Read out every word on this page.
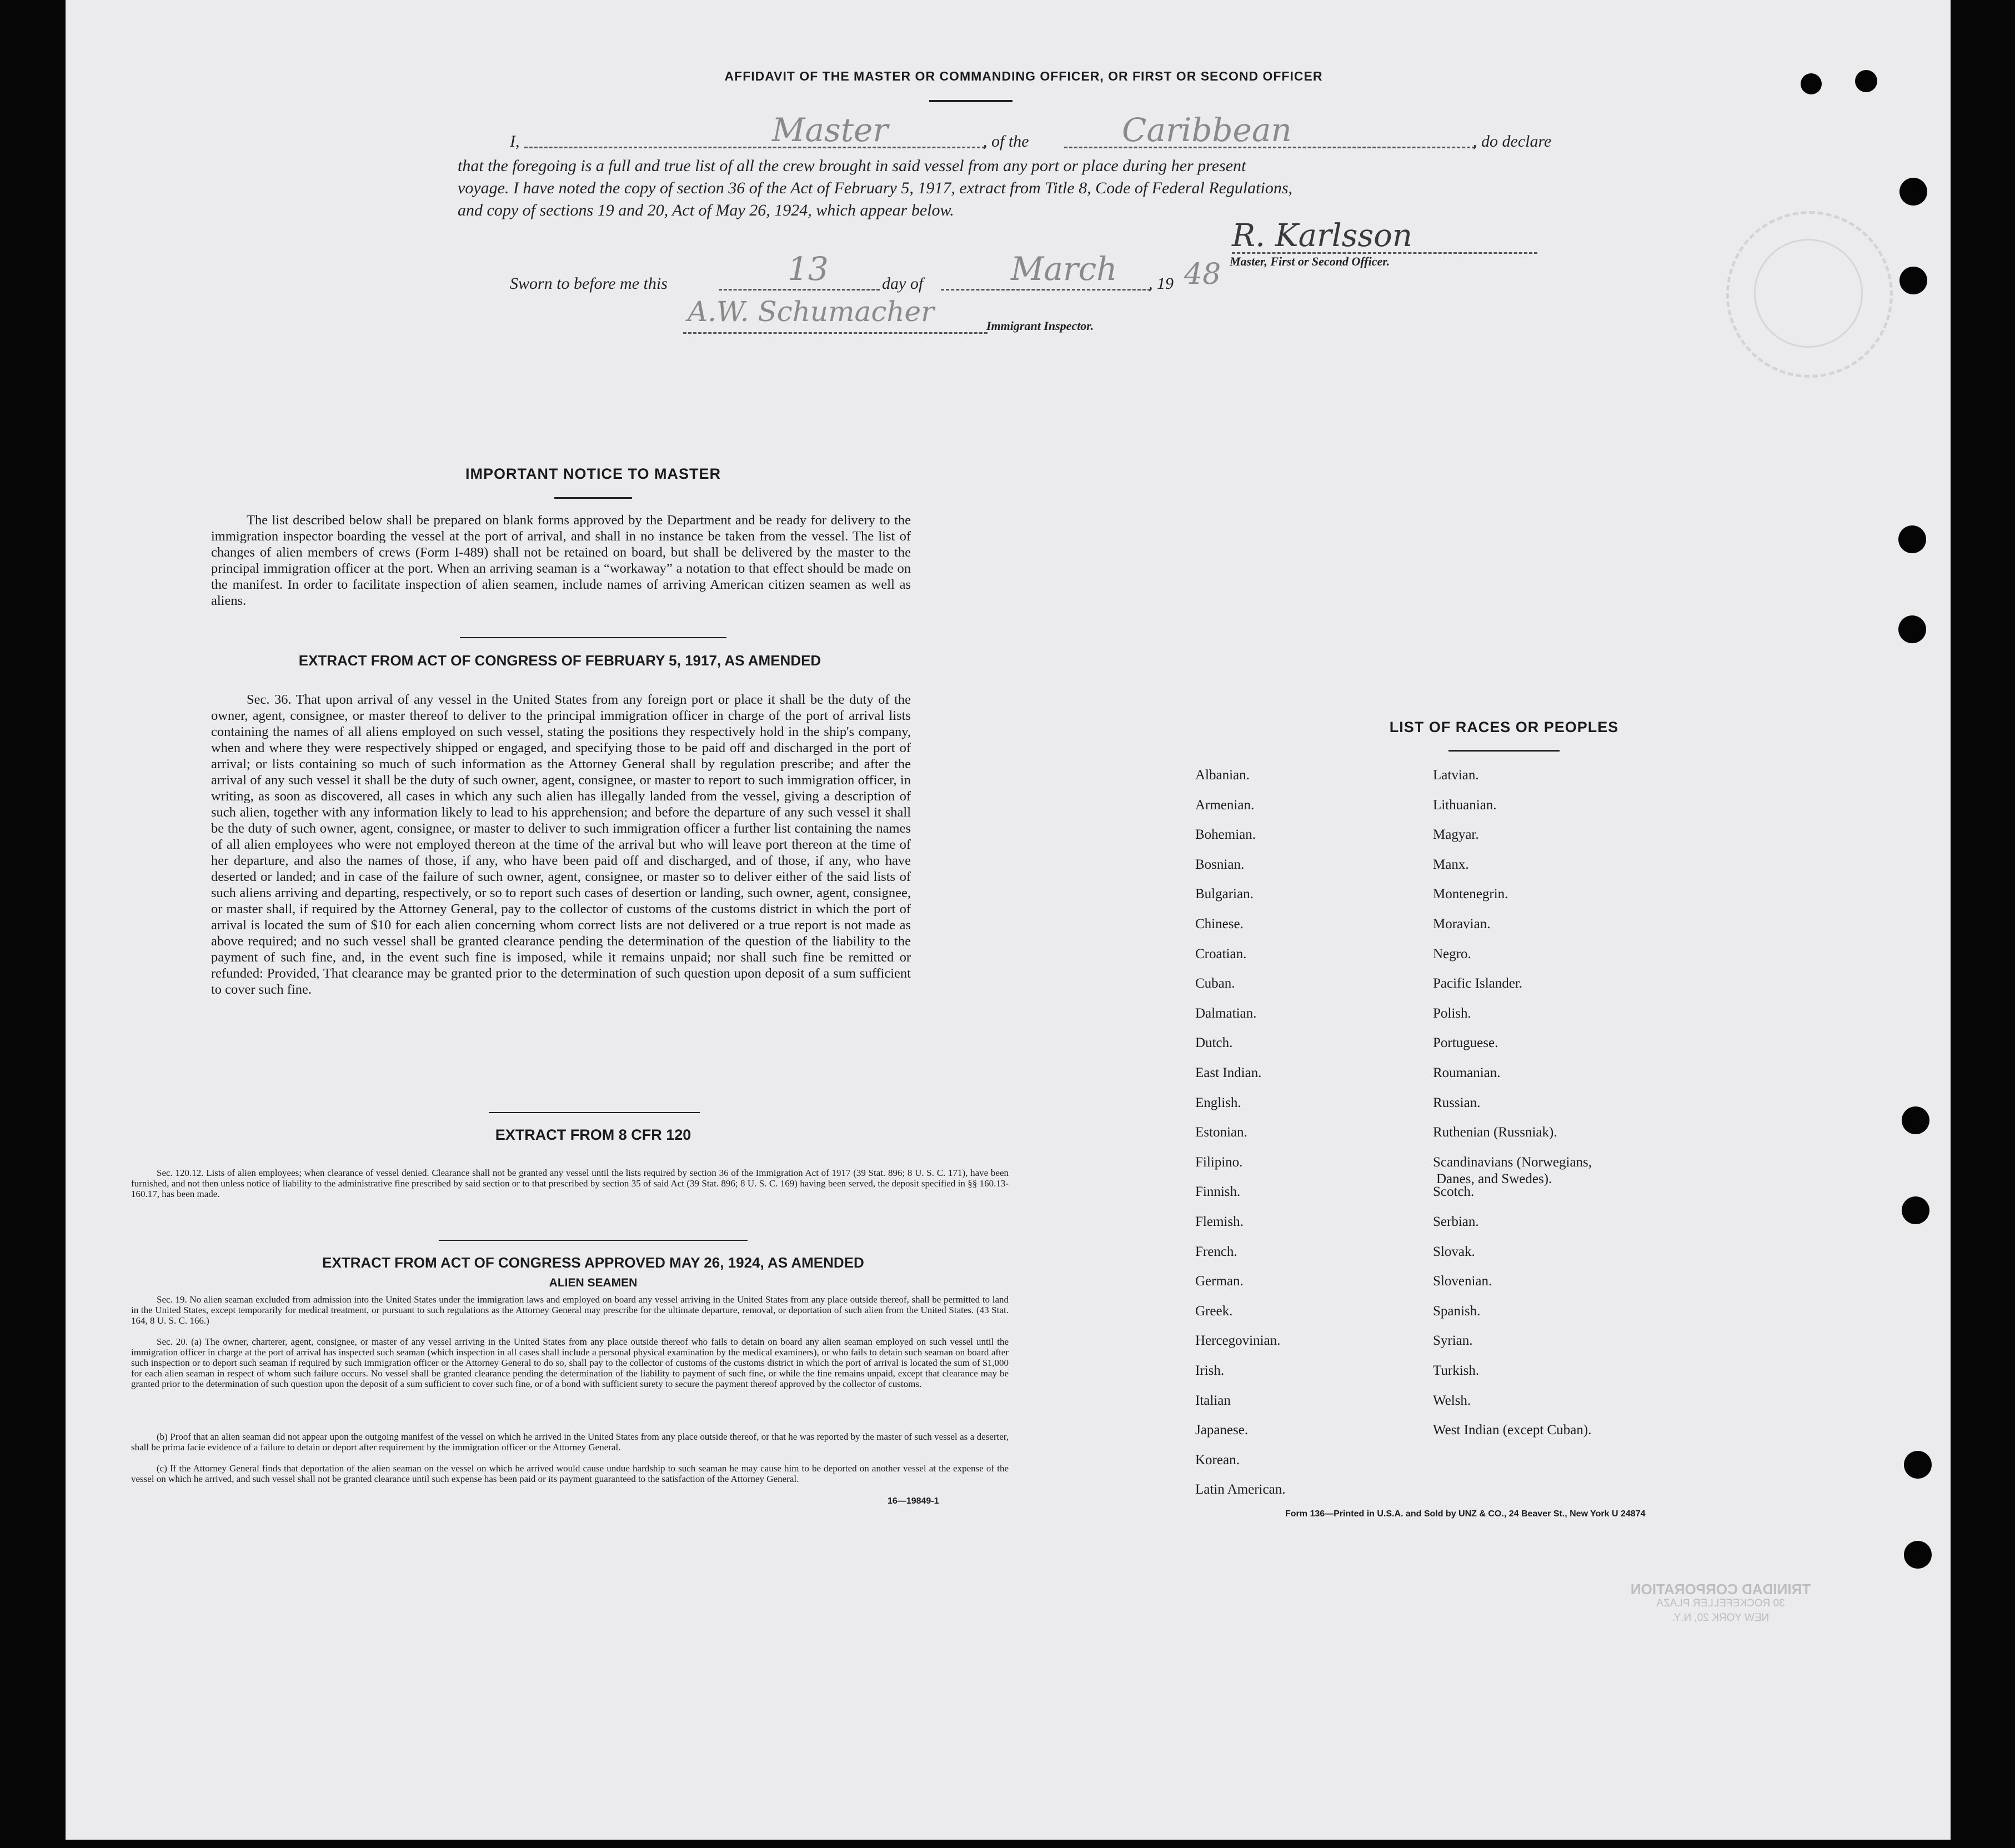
AFFIDAVIT OF THE MASTER OR COMMANDING OFFICER, OR FIRST OR SECOND OFFICER
I,	Master	, of the	Caribbean	, do declare
that the foregoing is a full and true list of all the crew brought in said vessel from any port or place during her present
voyage. I have noted the copy of section 36 of the Act of February 5, 1917, extract from Title 8, Code of Federal Regulations,
and copy of sections 19 and 20, Act of May 26, 1924, which appear below.
R. Karlsson
Master, First or Second Officer.
Sworn to before me this	13	day of	March , 19 48
A.W. Schumacher	Immigrant Inspector.
IMPORTANT NOTICE TO MASTER
The list described below shall be prepared on blank forms approved by the Department and be ready for delivery to the immigration inspector boarding the vessel at the port of arrival, and shall in no instance be taken from the vessel. The list of changes of alien members of crews (Form I-489) shall not be retained on board, but shall be delivered by the master to the principal immigration officer at the port. When an arriving seaman is a “workaway” a notation to that effect should be made on the manifest. In order to facilitate inspection of alien seamen, include names of arriving American citizen seamen as well as aliens.
EXTRACT FROM ACT OF CONGRESS OF FEBRUARY 5, 1917, AS AMENDED
Sec. 36. That upon arrival of any vessel in the United States from any foreign port or place it shall be the duty of the owner, agent, consignee, or master thereof to deliver to the principal immigration officer in charge of the port of arrival lists containing the names of all aliens employed on such vessel, stating the positions they respectively hold in the ship's company, when and where they were respectively shipped or engaged, and specifying those to be paid off and discharged in the port of arrival; or lists containing so much of such information as the Attorney General shall by regulation prescribe; and after the arrival of any such vessel it shall be the duty of such owner, agent, consignee, or master to report to such immigration officer, in writing, as soon as discovered, all cases in which any such alien has illegally landed from the vessel, giving a description of such alien, together with any information likely to lead to his apprehension; and before the departure of any such vessel it shall be the duty of such owner, agent, consignee, or master to deliver to such immigration officer a further list containing the names of all alien employees who were not employed thereon at the time of the arrival but who will leave port thereon at the time of her departure, and also the names of those, if any, who have been paid off and discharged, and of those, if any, who have deserted or landed; and in case of the failure of such owner, agent, consignee, or master so to deliver either of the said lists of such aliens arriving and departing, respectively, or so to report such cases of desertion or landing, such owner, agent, consignee, or master shall, if required by the Attorney General, pay to the collector of customs of the customs district in which the port of arrival is located the sum of $10 for each alien concerning whom correct lists are not delivered or a true report is not made as above required; and no such vessel shall be granted clearance pending the determination of the question of the liability to the payment of such fine, and, in the event such fine is imposed, while it remains unpaid; nor shall such fine be remitted or refunded: Provided, That clearance may be granted prior to the determination of such question upon deposit of a sum sufficient to cover such fine.
EXTRACT FROM 8 CFR 120
Sec. 120.12. Lists of alien employees; when clearance of vessel denied. Clearance shall not be granted any vessel until the lists required by section 36 of the Immigration Act of 1917 (39 Stat. 896; 8 U. S. C. 171), have been furnished, and not then unless notice of liability to the administrative fine prescribed by said section or to that prescribed by section 35 of said Act (39 Stat. 896; 8 U. S. C. 169) having been served, the deposit specified in §§ 160.13-160.17, has been made.
EXTRACT FROM ACT OF CONGRESS APPROVED MAY 26, 1924, AS AMENDED
ALIEN SEAMEN
Sec. 19. No alien seaman excluded from admission into the United States under the immigration laws and employed on board any vessel arriving in the United States from any place outside thereof, shall be permitted to land in the United States, except temporarily for medical treatment, or pursuant to such regulations as the Attorney General may prescribe for the ultimate departure, removal, or deportation of such alien from the United States. (43 Stat. 164, 8 U. S. C. 166.)
Sec. 20. (a) The owner, charterer, agent, consignee, or master of any vessel arriving in the United States from any place outside thereof who fails to detain on board any alien seaman employed on such vessel until the immigration officer in charge at the port of arrival has inspected such seaman (which inspection in all cases shall include a personal physical examination by the medical examiners), or who fails to detain such seaman on board after such inspection or to deport such seaman if required by such immigration officer or the Attorney General to do so, shall pay to the collector of customs of the customs district in which the port of arrival is located the sum of $1,000 for each alien seaman in respect of whom such failure occurs. No vessel shall be granted clearance pending the determination of the liability to payment of such fine, or while the fine remains unpaid, except that clearance may be granted prior to the determination of such question upon the deposit of a sum sufficient to cover such fine, or of a bond with sufficient surety to secure the payment thereof approved by the collector of customs.
(b) Proof that an alien seaman did not appear upon the outgoing manifest of the vessel on which he arrived in the United States from any place outside thereof, or that he was reported by the master of such vessel as a deserter, shall be prima facie evidence of a failure to detain or deport after requirement by the immigration officer or the Attorney General.
(c) If the Attorney General finds that deportation of the alien seaman on the vessel on which he arrived would cause undue hardship to such seaman he may cause him to be deported on another vessel at the expense of the vessel on which he arrived, and such vessel shall not be granted clearance until such expense has been paid or its payment guaranteed to the satisfaction of the Attorney General.
16—19849-1
LIST OF RACES OR PEOPLES
Albanian.
Armenian.
Bohemian.
Bosnian.
Bulgarian.
Chinese.
Croatian.
Cuban.
Dalmatian.
Dutch.
East Indian.
English.
Estonian.
Filipino.
Finnish.
Flemish.
French.
German.
Greek.
Hercegovinian.
Irish.
Italian
Japanese.
Korean.
Latin American.
Latvian.
Lithuanian.
Magyar.
Manx.
Montenegrin.
Moravian.
Negro.
Pacific Islander.
Polish.
Portuguese.
Roumanian.
Russian.
Ruthenian (Russniak).
Scandinavians (Norwegians,
Danes, and Swedes).
Scotch.
Serbian.
Slovak.
Slovenian.
Spanish.
Syrian.
Turkish.
Welsh.
West Indian (except Cuban).
Form 136—Printed in U.S.A. and Sold by UNZ & CO., 24 Beaver St., New York U 24874
TRINIDAD CORPORATION
30 ROCKEFELLER PLAZA
NEW YORK 20, N.Y.
